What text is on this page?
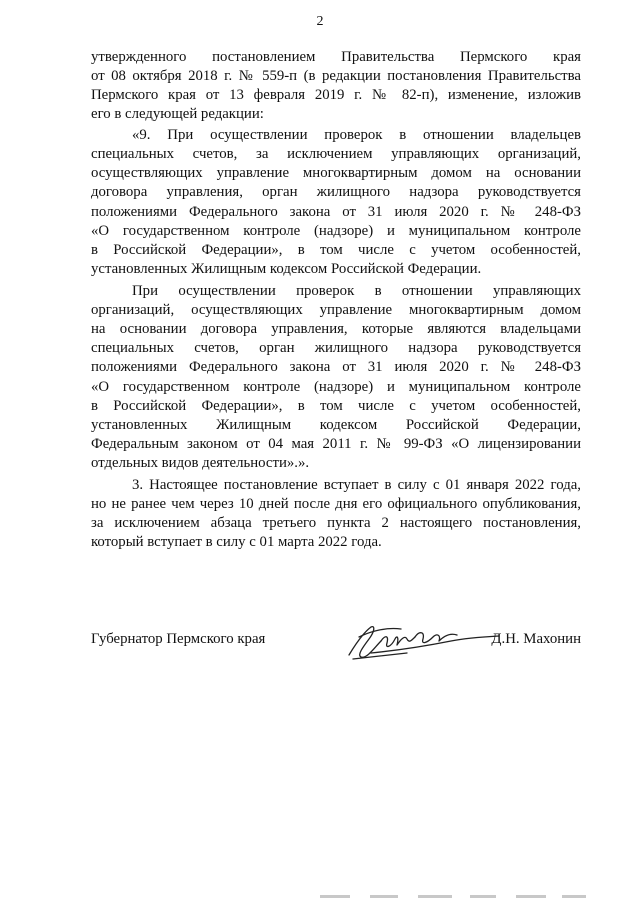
2
утвержденного постановлением Правительства Пермского края
от 08 октября 2018 г. № 559-п (в редакции постановления Правительства
Пермского края от 13 февраля 2019 г. № 82-п), изменение, изложив
его в следующей редакции:
«9. При осуществлении проверок в отношении владельцев
специальных счетов, за исключением управляющих организаций,
осуществляющих управление многоквартирным домом на основании
договора управления, орган жилищного надзора руководствуется
положениями Федерального закона от 31 июля 2020 г. № 248-ФЗ
«О государственном контроле (надзоре) и муниципальном контроле
в Российской Федерации», в том числе с учетом особенностей,
установленных Жилищным кодексом Российской Федерации.
При осуществлении проверок в отношении управляющих
организаций, осуществляющих управление многоквартирным домом
на основании договора управления, которые являются владельцами
специальных счетов, орган жилищного надзора руководствуется
положениями Федерального закона от 31 июля 2020 г. № 248-ФЗ
«О государственном контроле (надзоре) и муниципальном контроле
в Российской Федерации», в том числе с учетом особенностей,
установленных Жилищным кодексом Российской Федерации,
Федеральным законом от 04 мая 2011 г. № 99-ФЗ «О лицензировании
отдельных видов деятельности».».
3. Настоящее постановление вступает в силу с 01 января 2022 года,
но не ранее чем через 10 дней после дня его официального опубликования,
за исключением абзаца третьего пункта 2 настоящего постановления,
который вступает в силу с 01 марта 2022 года.
Губернатор Пермского края	Д.Н. Махонин
